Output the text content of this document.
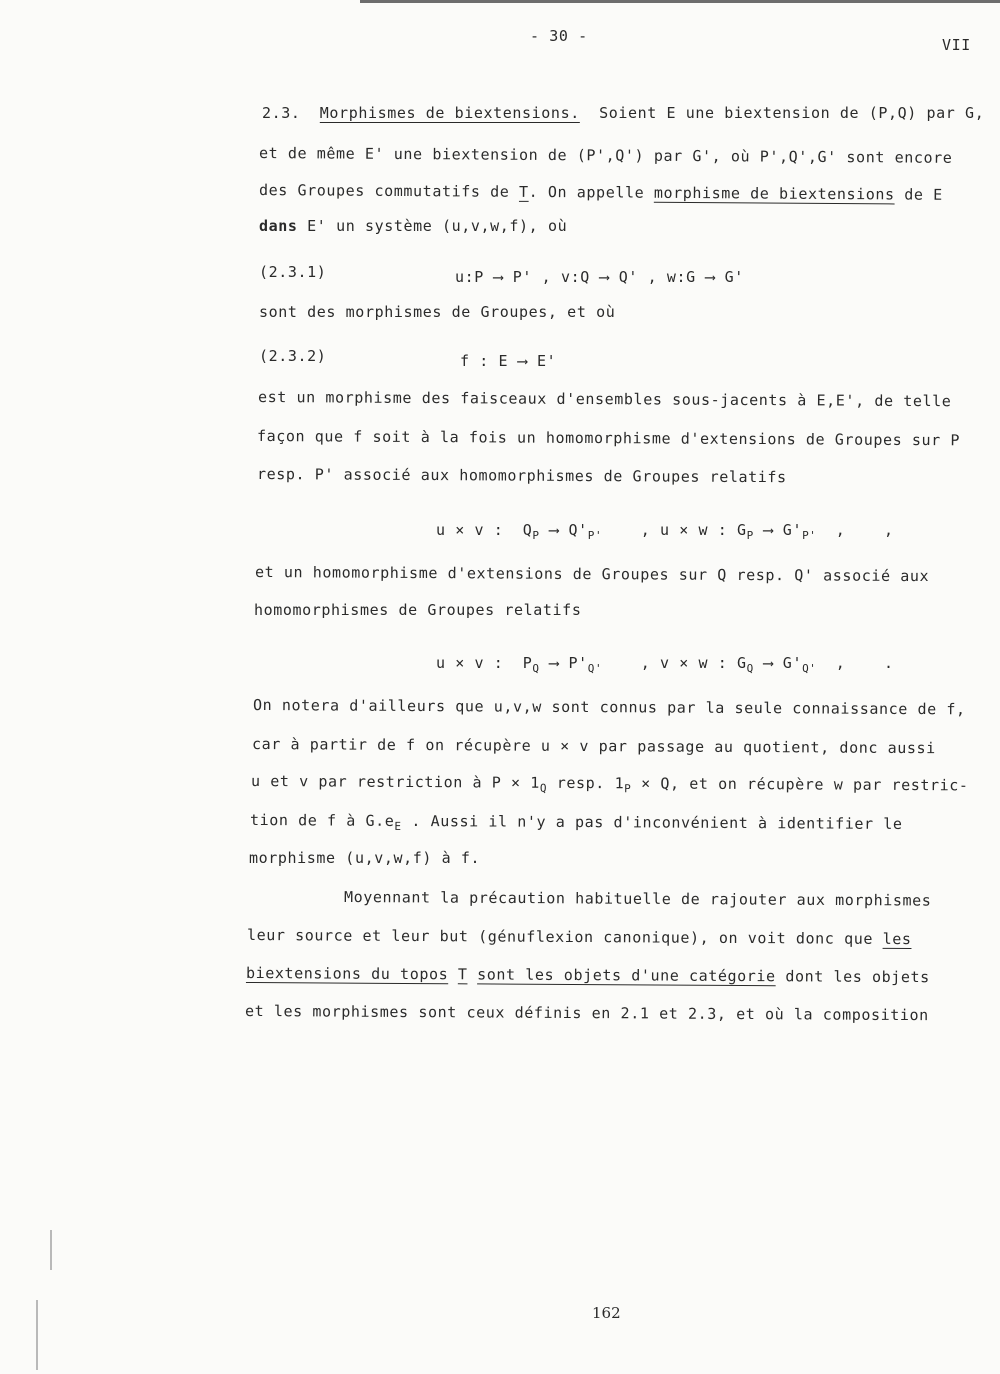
- 30 -	VII
2.3. Morphismes de biextensions. Soient E une biextension de (P,Q) par G,
et de même E' une biextension de (P',Q') par G', où P',Q',G' sont encore
des Groupes commutatifs de T. On appelle morphisme de biextensions de E
dans E' un système (u,v,w,f), où
(2.3.1)	u:P ⟶ P' , v:Q ⟶ Q' , w:G ⟶ G'
sont des morphismes de Groupes, et où
(2.3.2)	f : E ⟶ E'
est un morphisme des faisceaux d'ensembles sous-jacents à E,E', de telle
façon que f soit à la fois un homomorphisme d'extensions de Groupes sur P
resp. P' associé aux homomorphismes de Groupes relatifs
u × v : $Q_P$ ⟶ $Q'_{P'}$	, u × w : $G_P$ ⟶ $G'_{P'}$ ,	,
et un homomorphisme d'extensions de Groupes sur Q resp. Q' associé aux
homomorphismes de Groupes relatifs
u × v : $P_Q$ ⟶ $P'_{Q'}$	, v × w : $G_Q$ ⟶ $G'_{Q'}$ ,	.
On notera d'ailleurs que u,v,w sont connus par la seule connaissance de f,
car à partir de f on récupère u × v par passage au quotient, donc aussi
u et v par restriction à $P \times 1_Q$ resp. $1_P \times Q$, et on récupère w par restric-
tion de f à $G.e_E$ . Aussi il n'y a pas d'inconvénient à identifier le
morphisme (u,v,w,f) à f.
Moyennant la précaution habituelle de rajouter aux morphismes
leur source et leur but (génuflexion canonique), on voit donc que les
biextensions du topos T sont les objets d'une catégorie dont les objets
et les morphismes sont ceux définis en 2.1 et 2.3, et où la composition
162
